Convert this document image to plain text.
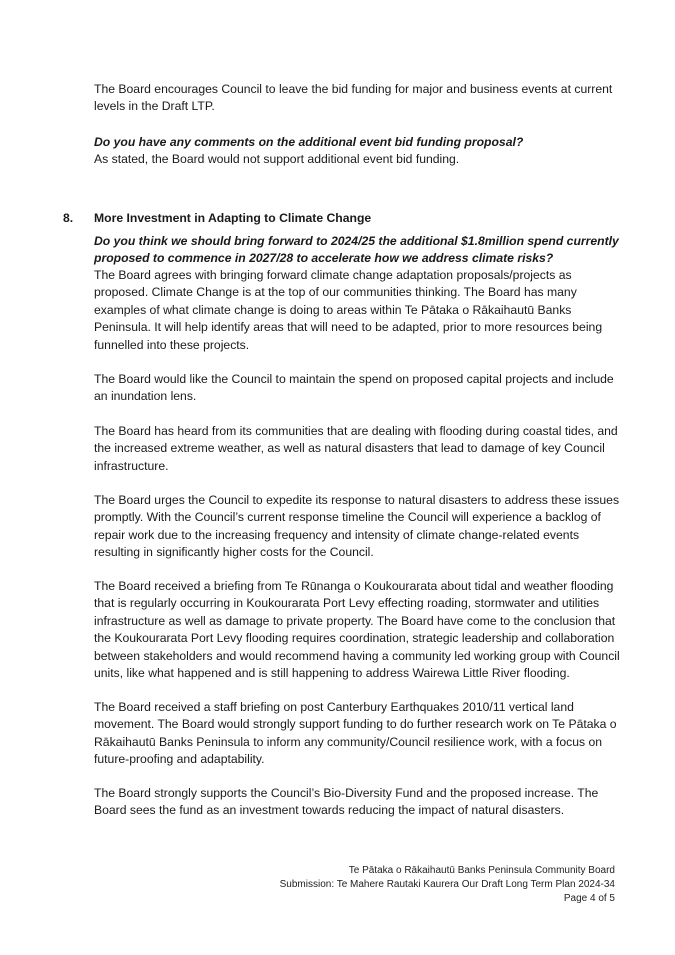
The Board encourages Council to leave the bid funding for major and business events at current levels in the Draft LTP.

Do you have any comments on the additional event bid funding proposal?

As stated, the Board would not support additional event bid funding.

8. More Investment in Adapting to Climate Change

Do you think we should bring forward to 2024/25 the additional $1.8million spend currently proposed to commence in 2027/28 to accelerate how we address climate risks?

The Board agrees with bringing forward climate change adaptation proposals/projects as proposed. Climate Change is at the top of our communities thinking. The Board has many examples of what climate change is doing to areas within Te Pātaka o Rākaihautū Banks Peninsula. It will help identify areas that will need to be adapted, prior to more resources being funnelled into these projects.

The Board would like the Council to maintain the spend on proposed capital projects and include an inundation lens.

The Board has heard from its communities that are dealing with flooding during coastal tides, and the increased extreme weather, as well as natural disasters that lead to damage of key Council infrastructure.

The Board urges the Council to expedite its response to natural disasters to address these issues promptly. With the Council’s current response timeline the Council will experience a backlog of repair work due to the increasing frequency and intensity of climate change-related events resulting in significantly higher costs for the Council.

The Board received a briefing from Te Rūnanga o Koukourarata about tidal and weather flooding that is regularly occurring in Koukourarata Port Levy effecting roading, stormwater and utilities infrastructure as well as damage to private property. The Board have come to the conclusion that the Koukourarata Port Levy flooding requires coordination, strategic leadership and collaboration between stakeholders and would recommend having a community led working group with Council units, like what happened and is still happening to address Wairewa Little River flooding.

The Board received a staff briefing on post Canterbury Earthquakes 2010/11 vertical land movement. The Board would strongly support funding to do further research work on Te Pātaka o Rākaihautū Banks Peninsula to inform any community/Council resilience work, with a focus on future-proofing and adaptability.

The Board strongly supports the Council’s Bio-Diversity Fund and the proposed increase. The Board sees the fund as an investment towards reducing the impact of natural disasters.

Te Pātaka o Rākaihautū Banks Peninsula Community Board
Submission: Te Mahere Rautaki Kaurera Our Draft Long Term Plan 2024-34
Page 4 of 5
